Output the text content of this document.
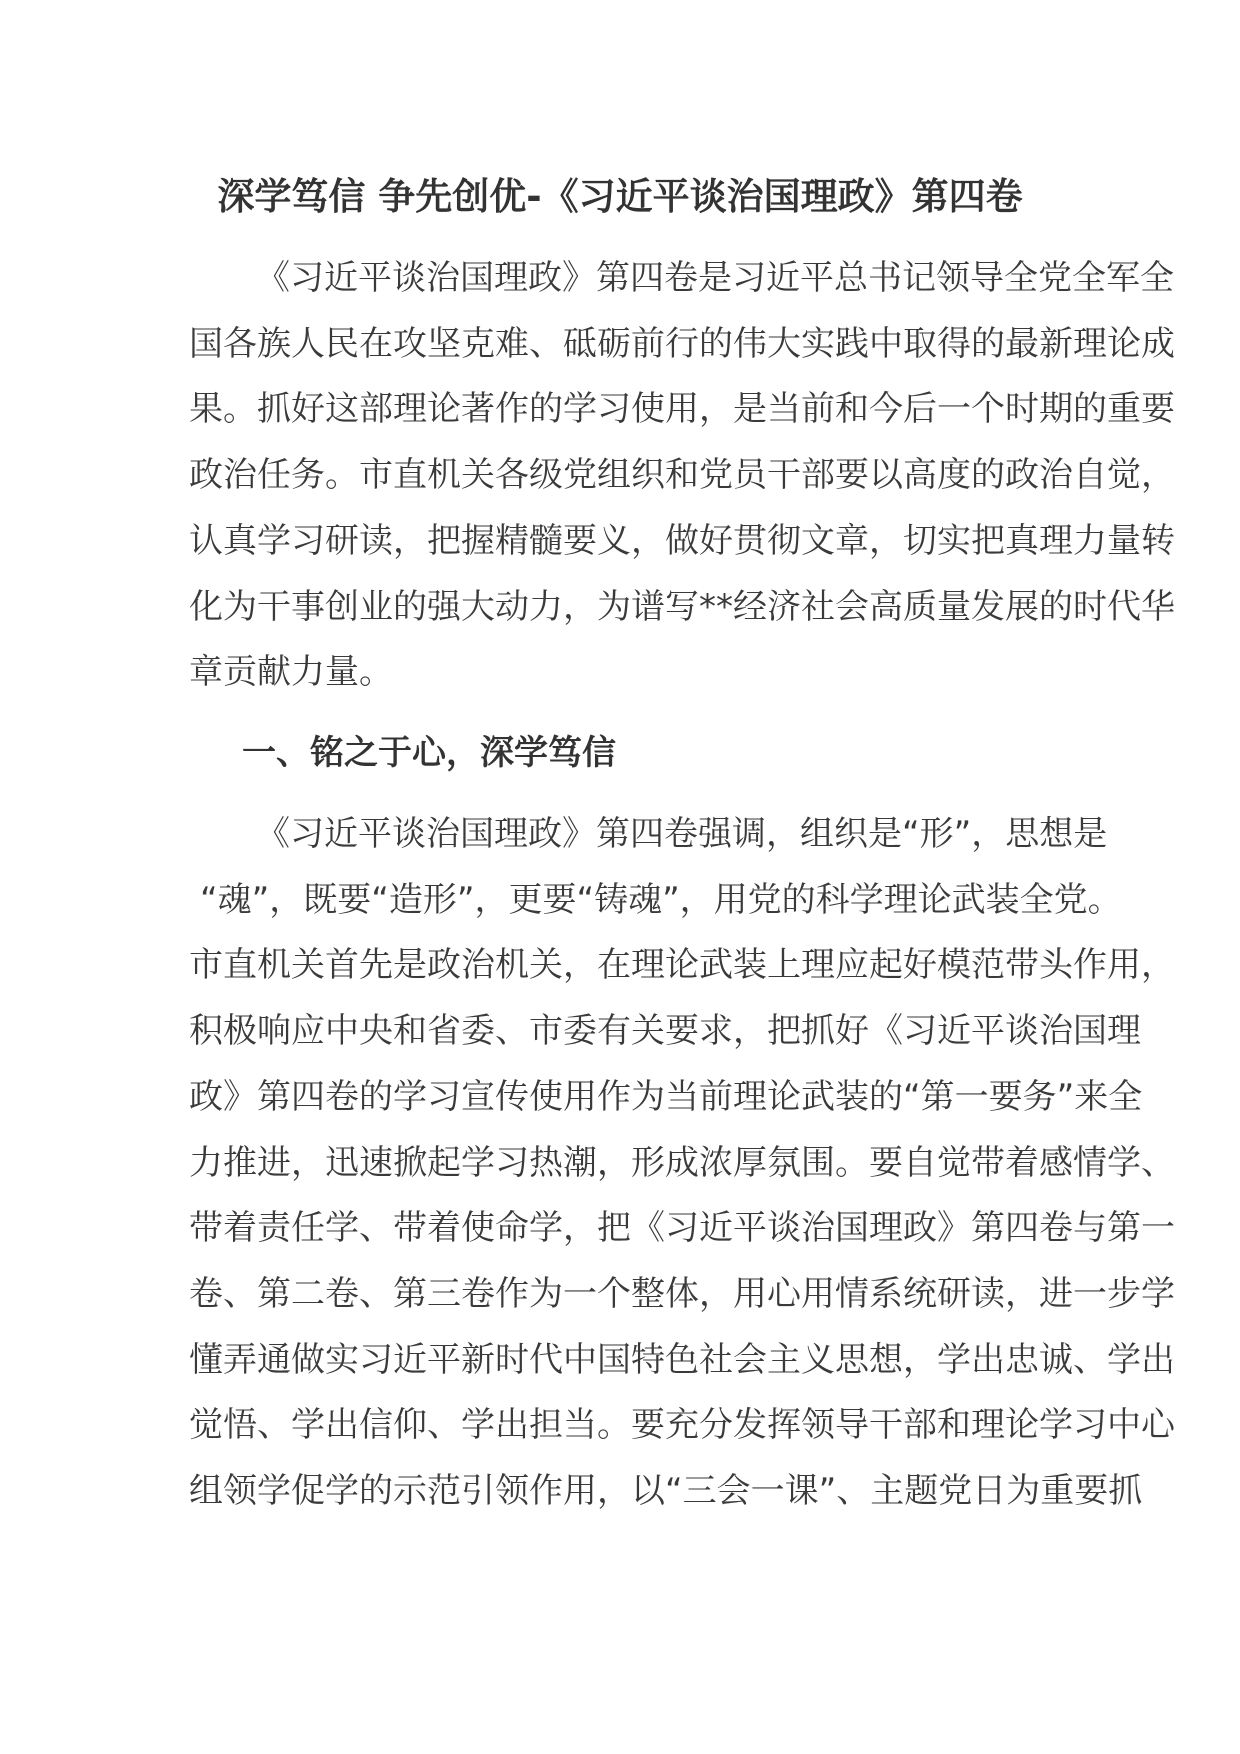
深学笃信 争先创优-《习近平谈治国理政》第四卷
《习近平谈治国理政》第四卷是习近平总书记领导全党全军全
国各族人民在攻坚克难、砥砺前行的伟大实践中取得的最新理论成
果。抓好这部理论著作的学习使用，是当前和今后一个时期的重要
政治任务。市直机关各级党组织和党员干部要以高度的政治自觉，
认真学习研读，把握精髓要义，做好贯彻文章，切实把真理力量转
化为干事创业的强大动力，为谱写**经济社会高质量发展的时代华
章贡献力量。
一、铭之于心，深学笃信
《习近平谈治国理政》第四卷强调，组织是“形”，思想是
“魂”，既要“造形”，更要“铸魂”，用党的科学理论武装全党。
市直机关首先是政治机关，在理论武装上理应起好模范带头作用，
积极响应中央和省委、市委有关要求，把抓好《习近平谈治国理
政》第四卷的学习宣传使用作为当前理论武装的“第一要务”来全
力推进，迅速掀起学习热潮，形成浓厚氛围。要自觉带着感情学、
带着责任学、带着使命学，把《习近平谈治国理政》第四卷与第一
卷、第二卷、第三卷作为一个整体，用心用情系统研读，进一步学
懂弄通做实习近平新时代中国特色社会主义思想，学出忠诚、学出
觉悟、学出信仰、学出担当。要充分发挥领导干部和理论学习中心
组领学促学的示范引领作用，以“三会一课”、主题党日为重要抓
